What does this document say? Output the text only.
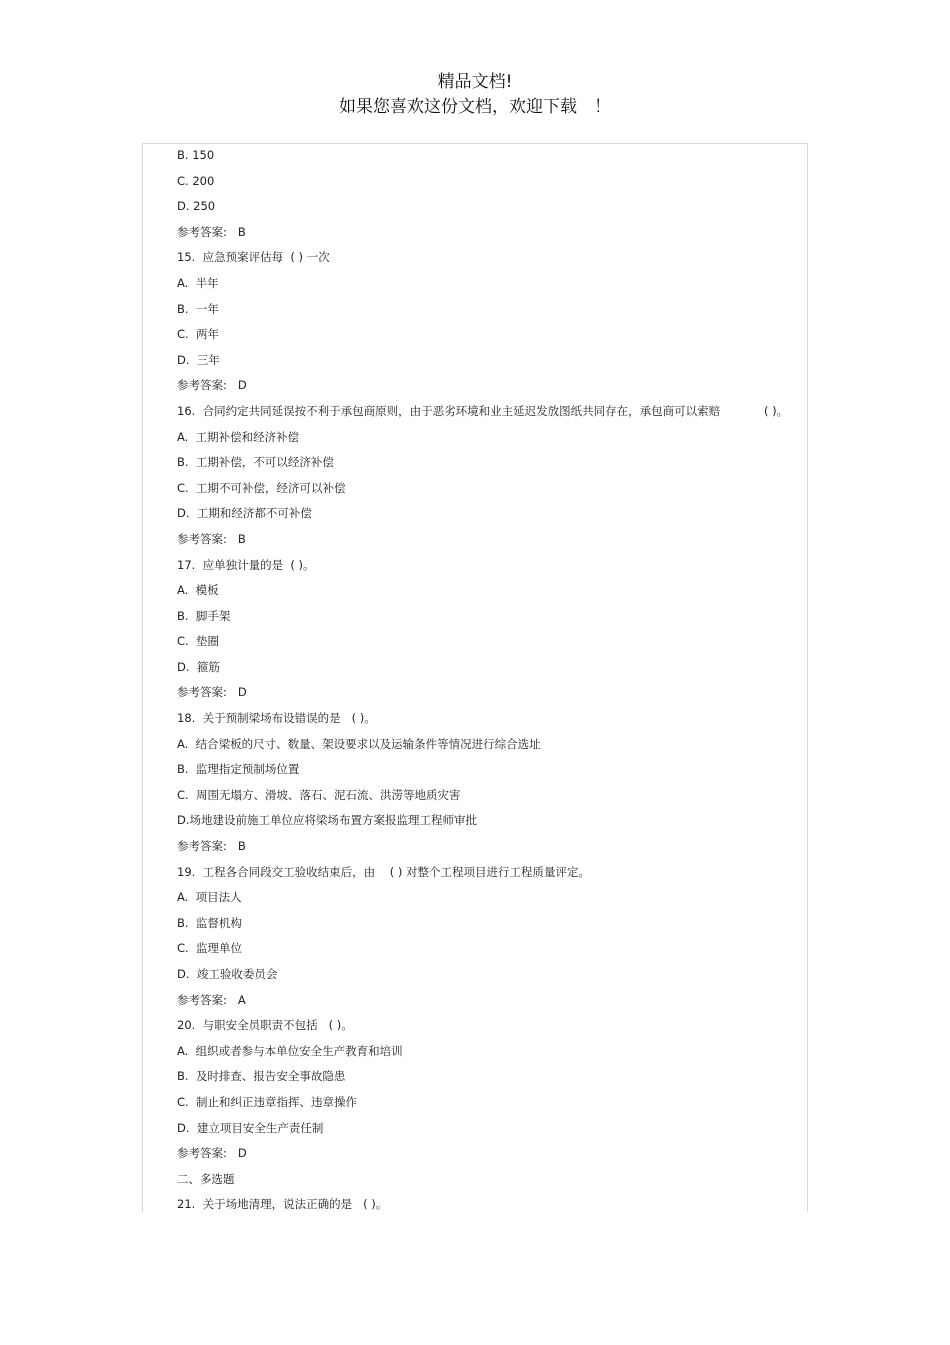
精品文档!
如果您喜欢这份文档，欢迎下载　！
B. 150
C. 200
D. 250
参考答案:   B
15.  应急预案评估每  ( ) 一次
A.  半年
B.  一年
C.  两年
D.  三年
参考答案:   D
16.  合同约定共同延误按不利于承包商原则，由于恶劣环境和业主延迟发放图纸共同存在，承包商可以索赔            ( )。
A.  工期补偿和经济补偿
B.  工期补偿，不可以经济补偿
C.  工期不可补偿，经济可以补偿
D.  工期和经济都不可补偿
参考答案:   B
17.  应单独计量的是  ( )。
A.  模板
B.  脚手架
C.  垫圈
D.  箍筋
参考答案:   D
18.  关于预制梁场布设错误的是   ( )。
A.  结合梁板的尺寸、数量、架设要求以及运输条件等情况进行综合选址
B.  监理指定预制场位置
C.  周围无塌方、滑坡、落石、泥石流、洪涝等地质灾害
D.场地建设前施工单位应将梁场布置方案报监理工程师审批
参考答案:   B
19.  工程各合同段交工验收结束后，由    ( ) 对整个工程项目进行工程质量评定。
A.  项目法人
B.  监督机构
C.  监理单位
D.  竣工验收委员会
参考答案:   A
20.  与职安全员职责不包括   ( )。
A.  组织或者参与本单位安全生产教育和培训
B.  及时排查、报告安全事故隐患
C.  制止和纠正违章指挥、违章操作
D.  建立项目安全生产责任制
参考答案:   D
二、多选题
21.  关于场地清理，说法正确的是   ( )。
